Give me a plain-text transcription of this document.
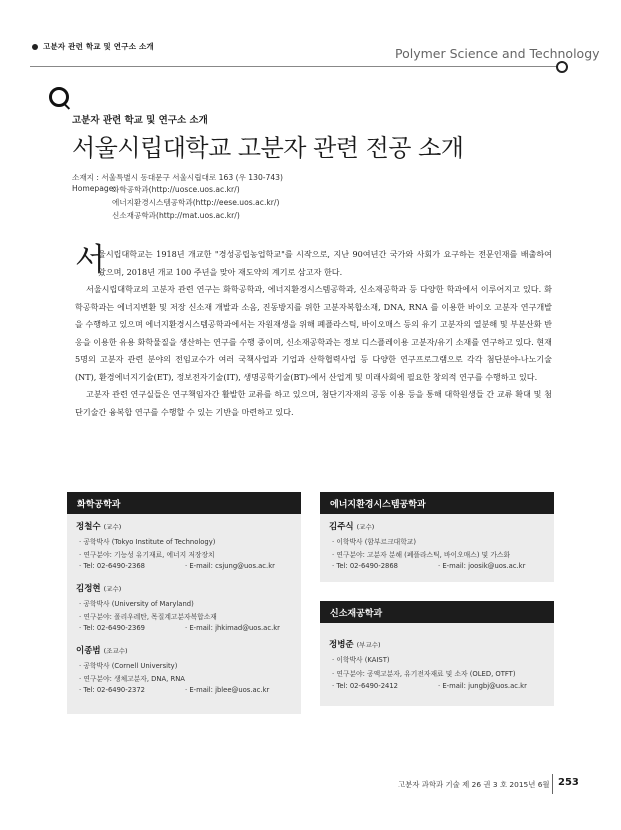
고분자 관련 학교 및 연구소 소개	Polymer Science and Technology
고분자 관련 학교 및 연구소 소개
서울시립대학교 고분자 관련 전공 소개
소재지 : 서울특별시 동대문구 서울시립대로 163 (우 130-743)
Homepage:
화학공학과(http://uosce.uos.ac.kr/)
에너지환경시스템공학과(http://eese.uos.ac.kr/)
신소재공학과(http://mat.uos.ac.kr/)
서

울시립대학교는 1918년 개교한 "경성공립농업학교"를 시작으로, 지난 90여년간 국가와 사회가 요구하는 전문인재를 배출하여 왔으며, 2018년 개교 100 주년을 맞아 재도약의 계기로 삼고자 한다.

서울시립대학교의 고분자 관련 연구는 화학공학과, 에너지환경시스템공학과, 신소재공학과 등 다양한 학과에서 이루어지고 있다. 화학공학과는 에너지변환 및 저장 신소재 개발과 소음, 진동방지를 위한 고분자복합소재, DNA, RNA 를 이용한 바이오 고분자 연구개발을 수행하고 있으며 에너지환경시스템공학과에서는 자원재생을 위해 폐플라스틱, 바이오매스 등의 유기 고분자의 열분해 및 부분산화 반응을 이용한 유용 화학물질을 생산하는 연구를 수행 중이며, 신소재공학과는 정보 디스플레이용 고분자/유기 소재를 연구하고 있다. 현재 5명의 고분자 관련 분야의 전임교수가 여러 국책사업과 기업과 산학협력사업 등 다양한 연구프로그램으로 각각 첨단분야-나노기술(NT), 환경에너지기술(ET), 정보전자기술(IT), 생명공학기술(BT)-에서 산업계 및 미래사회에 필요한 창의적 연구를 수행하고 있다.

고분자 관련 연구실들은 연구책임자간 활발한 교류를 하고 있으며, 첨단기자재의 공동 이용 등을 통해 대학원생들 간 교류 확대 및 첨단기술간 융복합 연구를 수행할 수 있는 기반을 마련하고 있다.

화학공학과
정철수 (교수)
· 공학박사 (Tokyo Institute of Technology)
· 연구분야: 기능성 유기재료, 에너지 저장장치
· Tel: 02-6490-2368	· E-mail: csjung@uos.ac.kr
김정현 (교수)
· 공학박사 (University of Maryland)
· 연구분야: 폴리우레탄, 목질계고분자복합소재
· Tel: 02-6490-2369	· E-mail: jhkimad@uos.ac.kr
이종범 (조교수)
· 공학박사 (Cornell University)
· 연구분야: 생체고분자, DNA, RNA
· Tel: 02-6490-2372	· E-mail: jblee@uos.ac.kr
에너지환경시스템공학과
김주식 (교수)
· 이학박사 (함부르크대학교)
· 연구분야: 고분자 분해 (폐플라스틱, 바이오매스) 및 가스화
· Tel: 02-6490-2868	· E-mail: joosik@uos.ac.kr
신소재공학과
정병준 (부교수)
· 이학박사 (KAIST)
· 연구분야: 공액고분자, 유기전자재료 및 소자 (OLED, OTFT)
· Tel: 02-6490-2412	· E-mail: jungbj@uos.ac.kr
고분자 과학과 기술 제 26 권 3 호 2015년 6월 253
